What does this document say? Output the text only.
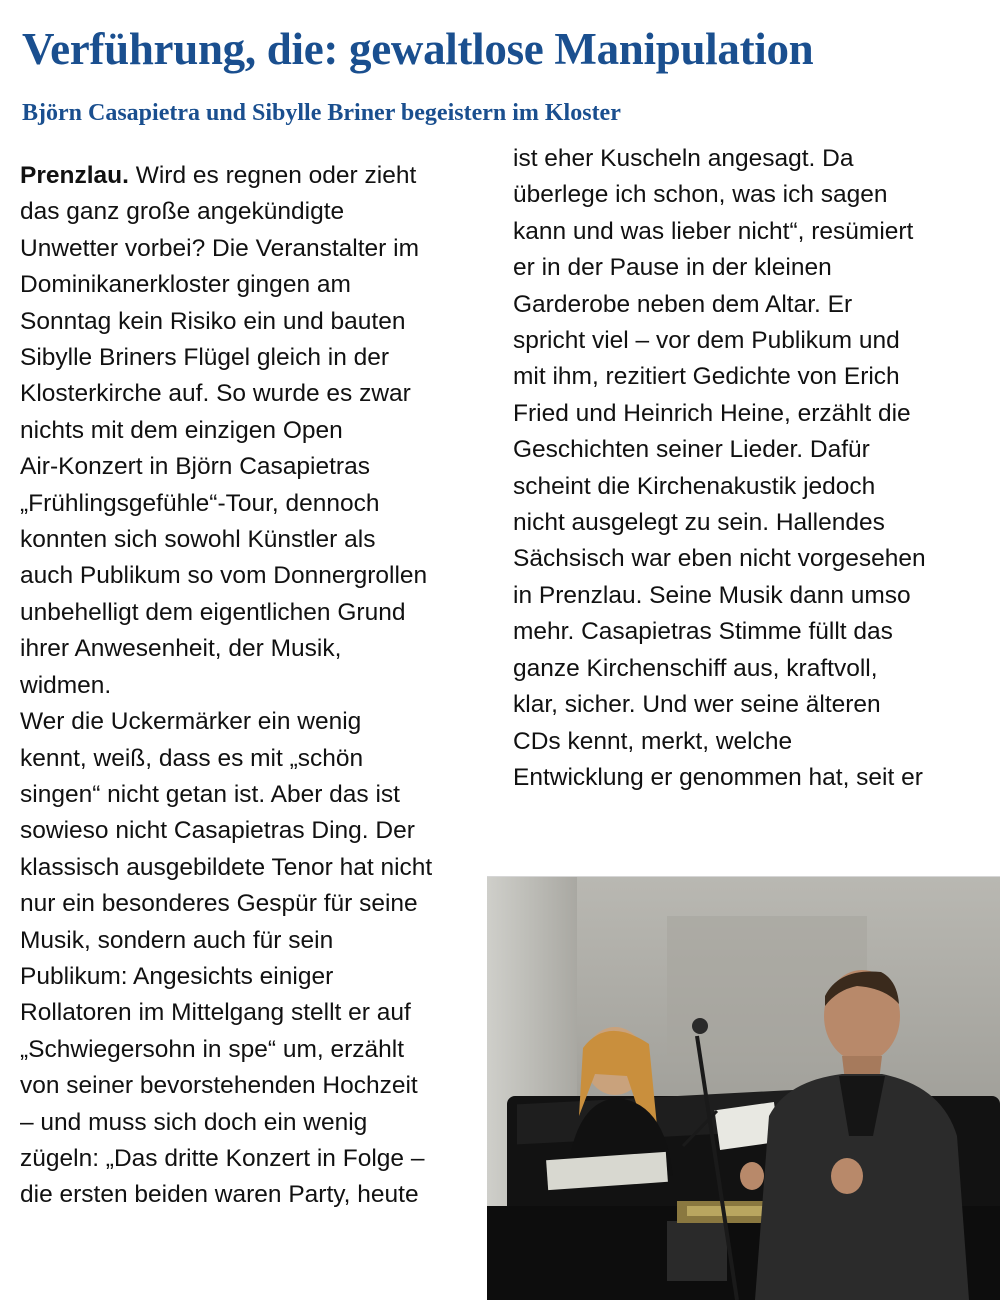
Verführung, die: gewaltlose Manipulation
Björn Casapietra und Sibylle Briner begeistern im Kloster
Prenzlau. Wird es regnen oder zieht
das ganz große angekündigte
Unwetter vorbei? Die Veranstalter im
Dominikanerkloster gingen am
Sonntag kein Risiko ein und bauten
Sibylle Briners Flügel gleich in der
Klosterkirche auf. So wurde es zwar
nichts mit dem einzigen Open
Air-Konzert in Björn Casapietras
„Frühlingsgefühle“-Tour, dennoch
konnten sich sowohl Künstler als
auch Publikum so vom Donnergrollen
unbehelligt dem eigentlichen Grund
ihrer Anwesenheit, der Musik,
widmen.
Wer die Uckermärker ein wenig
kennt, weiß, dass es mit „schön
singen“ nicht getan ist. Aber das ist
sowieso nicht Casapietras Ding. Der
klassisch ausgebildete Tenor hat nicht
nur ein besonderes Gespür für seine
Musik, sondern auch für sein
Publikum: Angesichts einiger
Rollatoren im Mittelgang stellt er auf
„Schwiegersohn in spe“ um, erzählt
von seiner bevorstehenden Hochzeit
– und muss sich doch ein wenig
zügeln: „Das dritte Konzert in Folge –
die ersten beiden waren Party, heute
ist eher Kuscheln angesagt. Da
überlege ich schon, was ich sagen
kann und was lieber nicht“, resümiert
er in der Pause in der kleinen
Garderobe neben dem Altar. Er
spricht viel – vor dem Publikum und
mit ihm, rezitiert Gedichte von Erich
Fried und Heinrich Heine, erzählt die
Geschichten seiner Lieder. Dafür
scheint die Kirchenakustik jedoch
nicht ausgelegt zu sein. Hallendes
Sächsisch war eben nicht vorgesehen
in Prenzlau. Seine Musik dann umso
mehr. Casapietras Stimme füllt das
ganze Kirchenschiff aus, kraftvoll,
klar, sicher. Und wer seine älteren
CDs kennt, merkt, welche
Entwicklung er genommen hat, seit er
